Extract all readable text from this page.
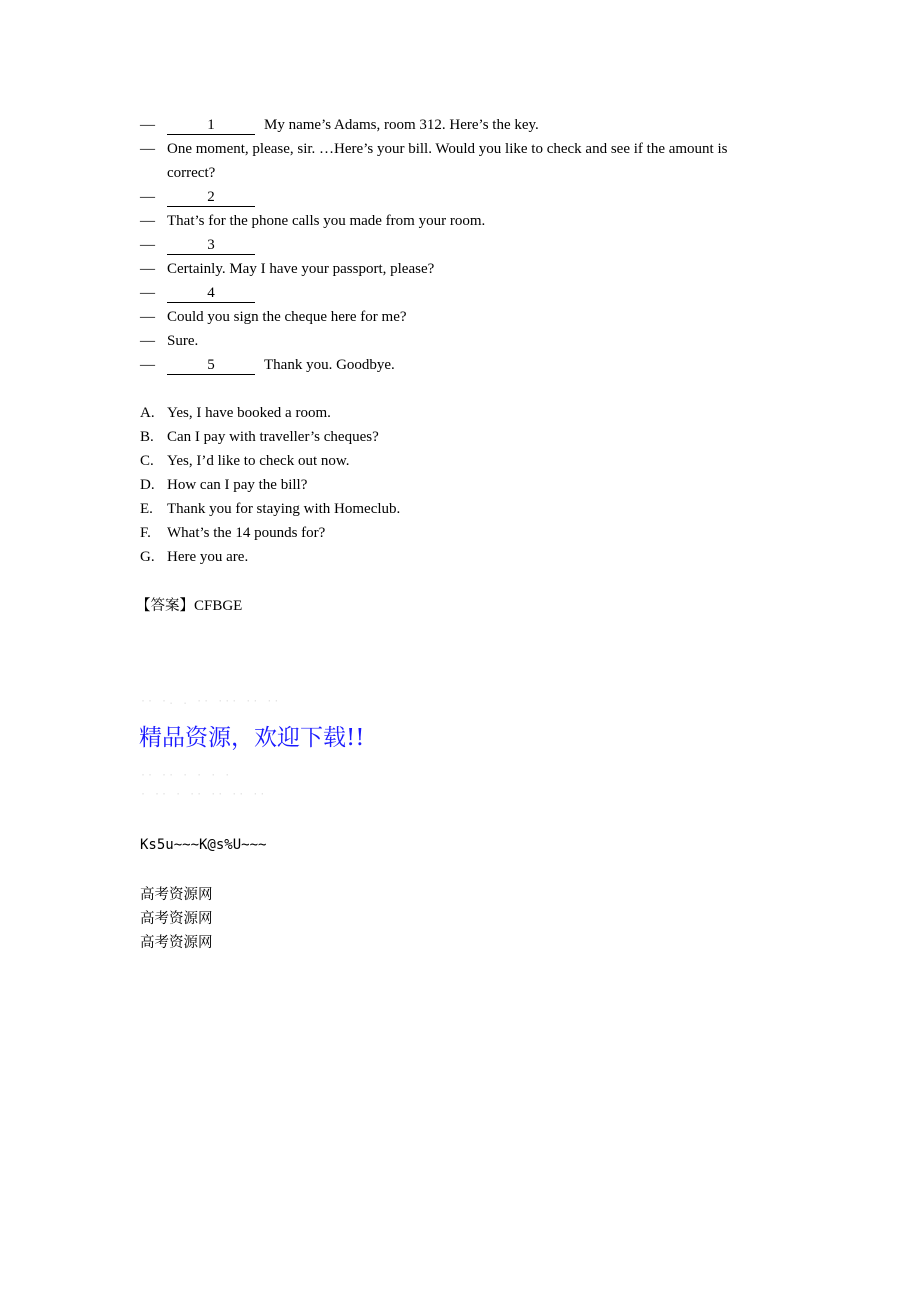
—	1	My name’s Adams, room 312. Here’s the key.
— One moment, please, sir. …Here’s your bill. Would you like to check and see if the amount is
correct?
—	2
— That’s for the phone calls you made from your room.
—	3
— Certainly. May I have your passport, please?
—	4
— Could you sign the cheque here for me?
— Sure.
—	5	Thank you. Goodbye.
A. Yes, I have booked a room.
B. Can I pay with traveller’s cheques?
C. Yes, I’d like to check out now.
D. How can I pay the bill?
E. Thank you for staying with Homeclub.
F. What’s the 14 pounds for?
G. Here you are.
【答案】CFBGE
·· ·. . ·· ··· ·· ··
·· ·· · · · ·
· ·· · ·· ·· ·· ··
精品资源，欢迎下载!!
Ks5u~~~K@s%U~~~
高考资源网
高考资源网
高考资源网
